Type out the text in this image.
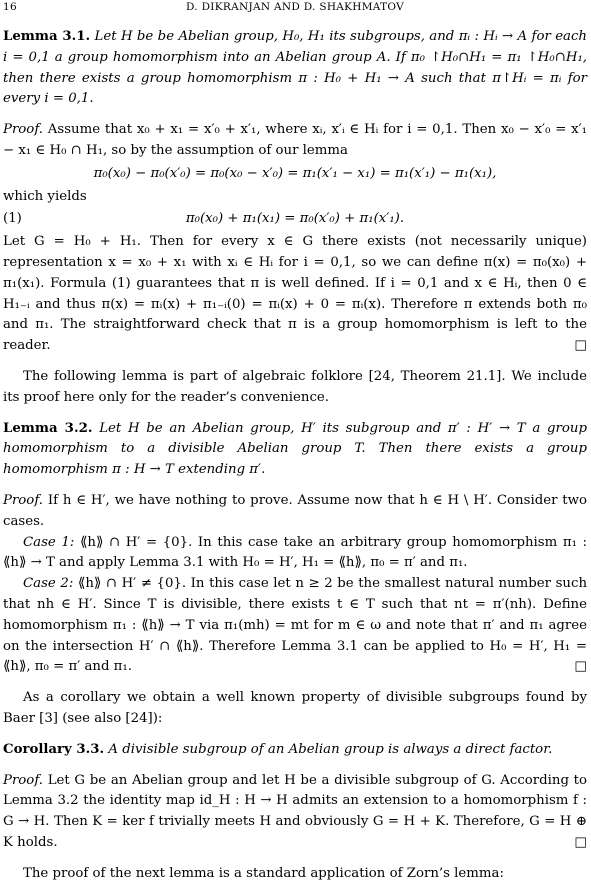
16	D. DIKRANJAN AND D. SHAKHMATOV

Lemma 3.1. Let H be be Abelian group, H₀, H₁ its subgroups, and πᵢ : Hᵢ → A for each i = 0,1 a group homomorphism into an Abelian group A. If π₀ ↾H₀∩H₁ = π₁ ↾H₀∩H₁, then there exists a group homomorphism π : H₀ + H₁ → A such that π↾Hᵢ = πᵢ for every i = 0,1.

Proof. Assume that x₀ + x₁ = x′₀ + x′₁, where xᵢ, x′ᵢ ∈ Hᵢ for i = 0,1. Then x₀ − x′₀ = x′₁ − x₁ ∈ H₀ ∩ H₁, so by the assumption of our lemma

π₀(x₀) − π₀(x′₀) = π₀(x₀ − x′₀) = π₁(x′₁ − x₁) = π₁(x′₁) − π₁(x₁),

which yields

(1)	π₀(x₀) + π₁(x₁) = π₀(x′₀) + π₁(x′₁).

Let G = H₀ + H₁. Then for every x ∈ G there exists (not necessarily unique) representation x = x₀ + x₁ with xᵢ ∈ Hᵢ for i = 0,1, so we can define π(x) = π₀(x₀) + π₁(x₁). Formula (1) guarantees that π is well defined. If i = 0,1 and x ∈ Hᵢ, then 0 ∈ H₁₋ᵢ and thus π(x) = πᵢ(x) + π₁₋ᵢ(0) = πᵢ(x) + 0 = πᵢ(x). Therefore π extends both π₀ and π₁. The straightforward check that π is a group homomorphism is left to the reader.	□

The following lemma is part of algebraic folklore [24, Theorem 21.1]. We include its proof here only for the reader’s convenience.

Lemma 3.2. Let H be an Abelian group, H′ its subgroup and π′ : H′ → T a group homomorphism to a divisible Abelian group T. Then there exists a group homomorphism π : H → T extending π′.

Proof. If h ∈ H′, we have nothing to prove. Assume now that h ∈ H \ H′. Consider two cases.

Case 1: ⟪h⟫ ∩ H′ = {0}. In this case take an arbitrary group homomorphism π₁ : ⟪h⟫ → T and apply Lemma 3.1 with H₀ = H′, H₁ = ⟪h⟫, π₀ = π′ and π₁.

Case 2: ⟪h⟫ ∩ H′ ≠ {0}. In this case let n ≥ 2 be the smallest natural number such that nh ∈ H′. Since T is divisible, there exists t ∈ T such that nt = π′(nh). Define homomorphism π₁ : ⟪h⟫ → T via π₁(mh) = mt for m ∈ ω and note that π′ and π₁ agree on the intersection H′ ∩ ⟪h⟫. Therefore Lemma 3.1 can be applied to H₀ = H′, H₁ = ⟪h⟫, π₀ = π′ and π₁.	□

As a corollary we obtain a well known property of divisible subgroups found by Baer [3] (see also [24]):

Corollary 3.3. A divisible subgroup of an Abelian group is always a direct factor.

Proof. Let G be an Abelian group and let H be a divisible subgroup of G. According to Lemma 3.2 the identity map id_H : H → H admits an extension to a homomorphism f : G → H. Then K = ker f trivially meets H and obviously G = H + K. Therefore, G = H ⊕ K holds.	□

The proof of the next lemma is a standard application of Zorn’s lemma:
